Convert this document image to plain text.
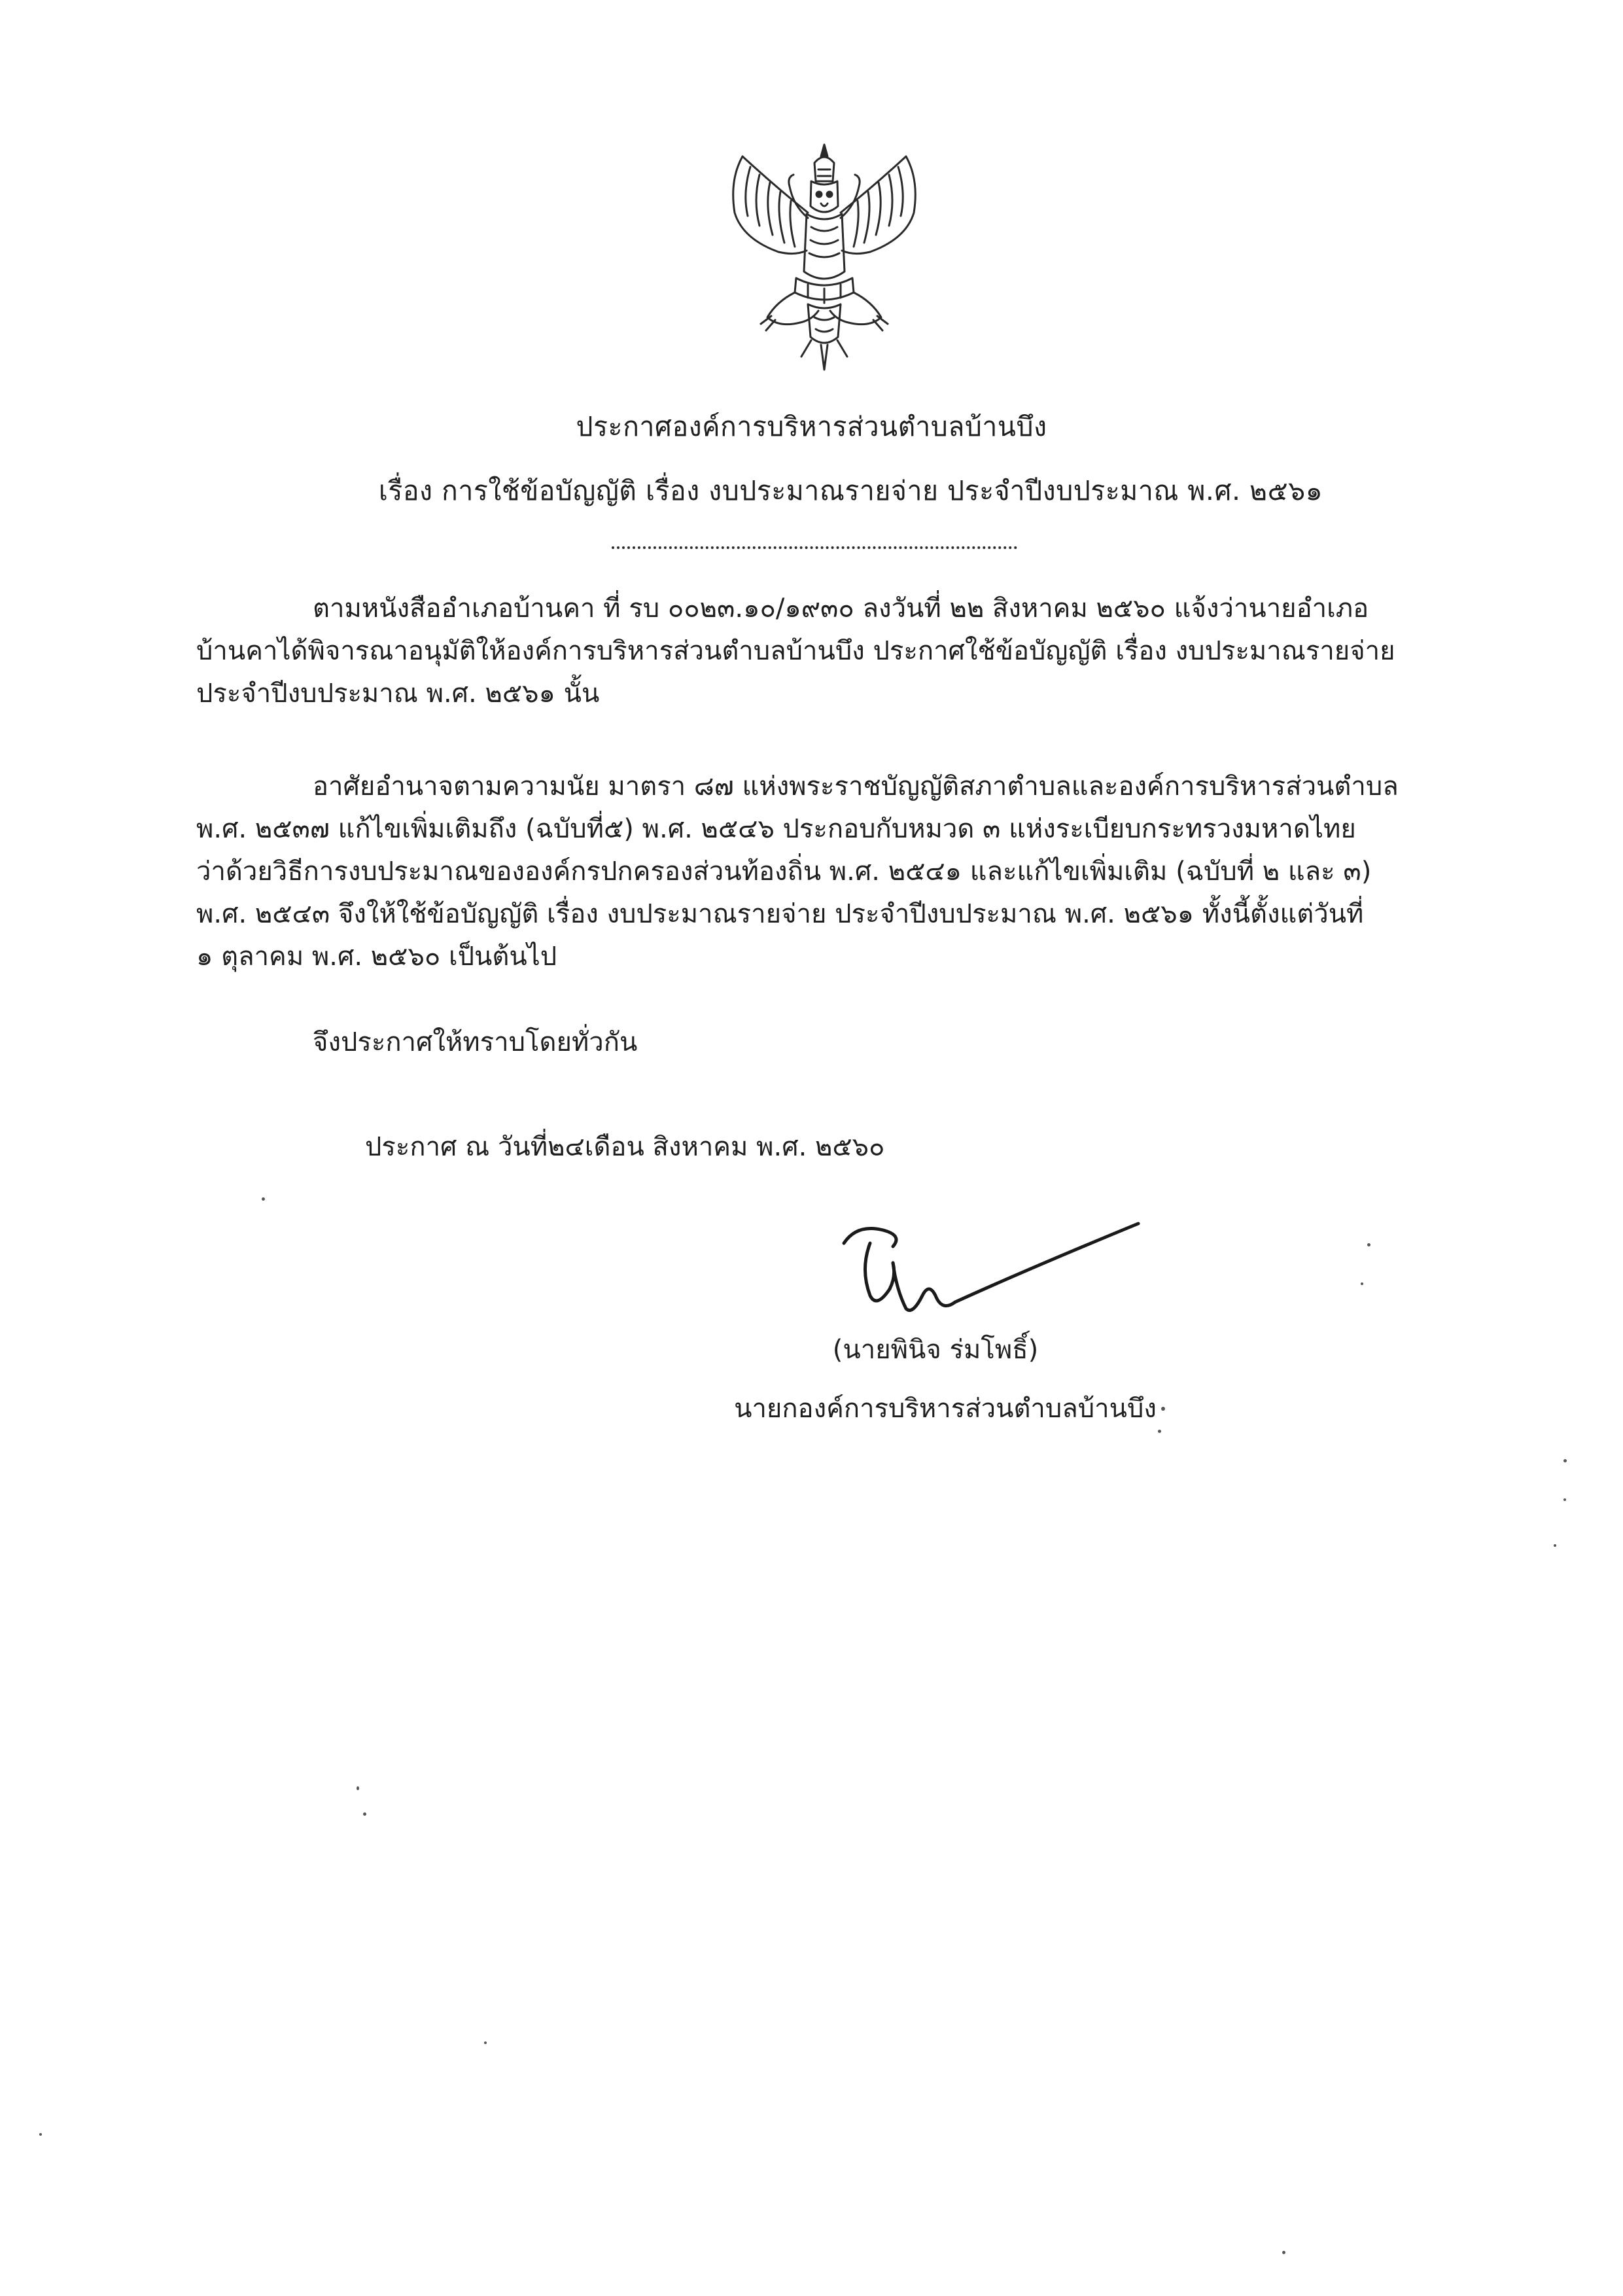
ประกาศองค์การบริหารส่วนตำบลบ้านบึง
เรื่อง การใช้ข้อบัญญัติ เรื่อง งบประมาณรายจ่าย ประจำปีงบประมาณ พ.ศ. ๒๕๖๑
ตามหนังสืออำเภอบ้านคา ที่ รบ ๐๐๒๓.๑๐/๑๙๓๐ ลงวันที่ ๒๒ สิงหาคม ๒๕๖๐ แจ้งว่านายอำเภอ
บ้านคาได้พิจารณาอนุมัติให้องค์การบริหารส่วนตำบลบ้านบึง ประกาศใช้ข้อบัญญัติ เรื่อง งบประมาณรายจ่าย
ประจำปีงบประมาณ พ.ศ. ๒๕๖๑ นั้น
อาศัยอำนาจตามความนัย มาตรา ๘๗ แห่งพระราชบัญญัติสภาตำบลและองค์การบริหารส่วนตำบล
พ.ศ. ๒๕๓๗ แก้ไขเพิ่มเติมถึง (ฉบับที่๕) พ.ศ. ๒๕๔๖ ประกอบกับหมวด ๓ แห่งระเบียบกระทรวงมหาดไทย
ว่าด้วยวิธีการงบประมาณขององค์กรปกครองส่วนท้องถิ่น พ.ศ. ๒๕๔๑ และแก้ไขเพิ่มเติม (ฉบับที่ ๒ และ ๓)
พ.ศ. ๒๕๔๓ จึงให้ใช้ข้อบัญญัติ เรื่อง งบประมาณรายจ่าย ประจำปีงบประมาณ พ.ศ. ๒๕๖๑ ทั้งนี้ตั้งแต่วันที่
๑ ตุลาคม พ.ศ. ๒๕๖๐ เป็นต้นไป
จึงประกาศให้ทราบโดยทั่วกัน
ประกาศ ณ วันที่๒๔เดือน สิงหาคม พ.ศ. ๒๕๖๐
(นายพินิจ ร่มโพธิ์)
นายกองค์การบริหารส่วนตำบลบ้านบึง
